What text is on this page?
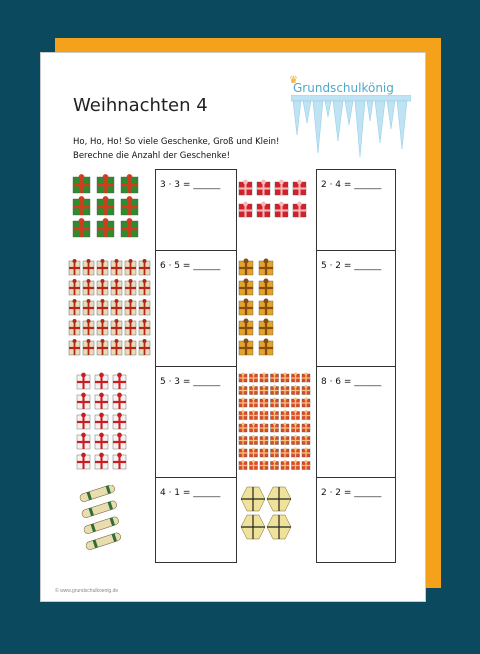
♛
Grundschulkönig
Weihnachten 4
Ho, Ho, Ho! So viele Geschenke, Groß und Klein!
Berechne die Anzahl der Geschenke!
3 · 3 = ______
6 · 5 = ______
5 · 3 = ______
4 · 1 = ______
2 · 4 = ______
5 · 2 = ______
8 · 6 = ______
2 · 2 = ______
© www.grundschulkoenig.de
